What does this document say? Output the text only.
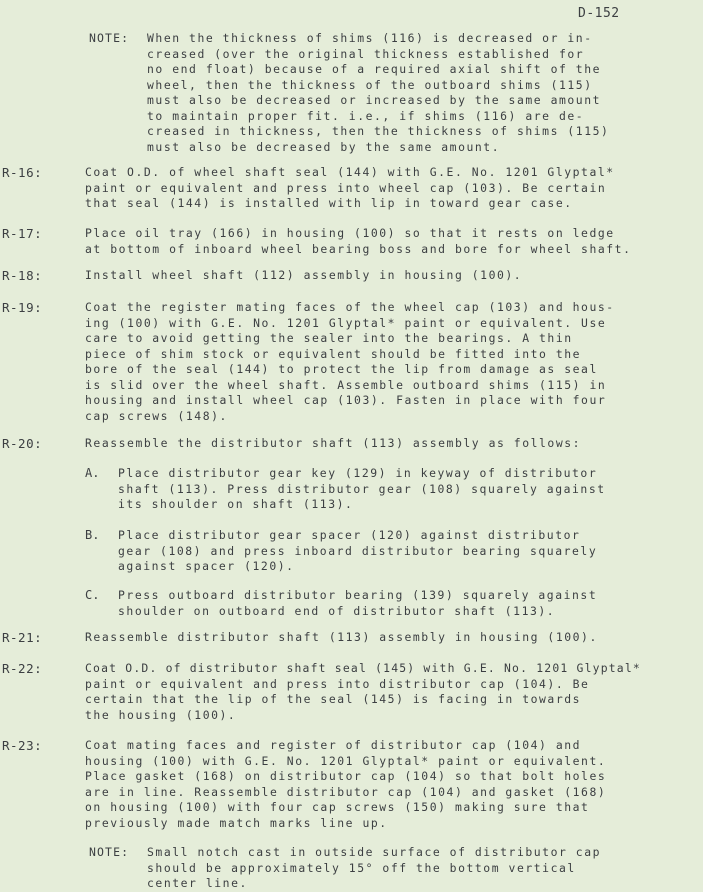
D-152
NOTE: When the thickness of shims (116) is decreased or in-
creased (over the original thickness established for
no end float) because of a required axial shift of the
wheel, then the thickness of the outboard shims (115)
must also be decreased or increased by the same amount
to maintain proper fit. i.e., if shims (116) are de-
creased in thickness, then the thickness of shims (115)
must also be decreased by the same amount.
R-16:	Coat O.D. of wheel shaft seal (144) with G.E. No. 1201 Glyptal*
paint or equivalent and press into wheel cap (103). Be certain
that seal (144) is installed with lip in toward gear case.
R-17:	Place oil tray (166) in housing (100) so that it rests on ledge
at bottom of inboard wheel bearing boss and bore for wheel shaft.
R-18:	Install wheel shaft (112) assembly in housing (100).
R-19:	Coat the register mating faces of the wheel cap (103) and hous-
ing (100) with G.E. No. 1201 Glyptal* paint or equivalent. Use
care to avoid getting the sealer into the bearings. A thin
piece of shim stock or equivalent should be fitted into the
bore of the seal (144) to protect the lip from damage as seal
is slid over the wheel shaft. Assemble outboard shims (115) in
housing and install wheel cap (103). Fasten in place with four
cap screws (148).
R-20:	Reassemble the distributor shaft (113) assembly as follows:
A. Place distributor gear key (129) in keyway of distributor
shaft (113). Press distributor gear (108) squarely against
its shoulder on shaft (113).
B. Place distributor gear spacer (120) against distributor
gear (108) and press inboard distributor bearing squarely
against spacer (120).
C. Press outboard distributor bearing (139) squarely against
shoulder on outboard end of distributor shaft (113).
R-21:	Reassemble distributor shaft (113) assembly in housing (100).
R-22:	Coat O.D. of distributor shaft seal (145) with G.E. No. 1201 Glyptal*
paint or equivalent and press into distributor cap (104). Be
certain that the lip of the seal (145) is facing in towards
the housing (100).
R-23:	Coat mating faces and register of distributor cap (104) and
housing (100) with G.E. No. 1201 Glyptal* paint or equivalent.
Place gasket (168) on distributor cap (104) so that bolt holes
are in line. Reassemble distributor cap (104) and gasket (168)
on housing (100) with four cap screws (150) making sure that
previously made match marks line up.
NOTE: Small notch cast in outside surface of distributor cap
should be approximately 15° off the bottom vertical
center line.
